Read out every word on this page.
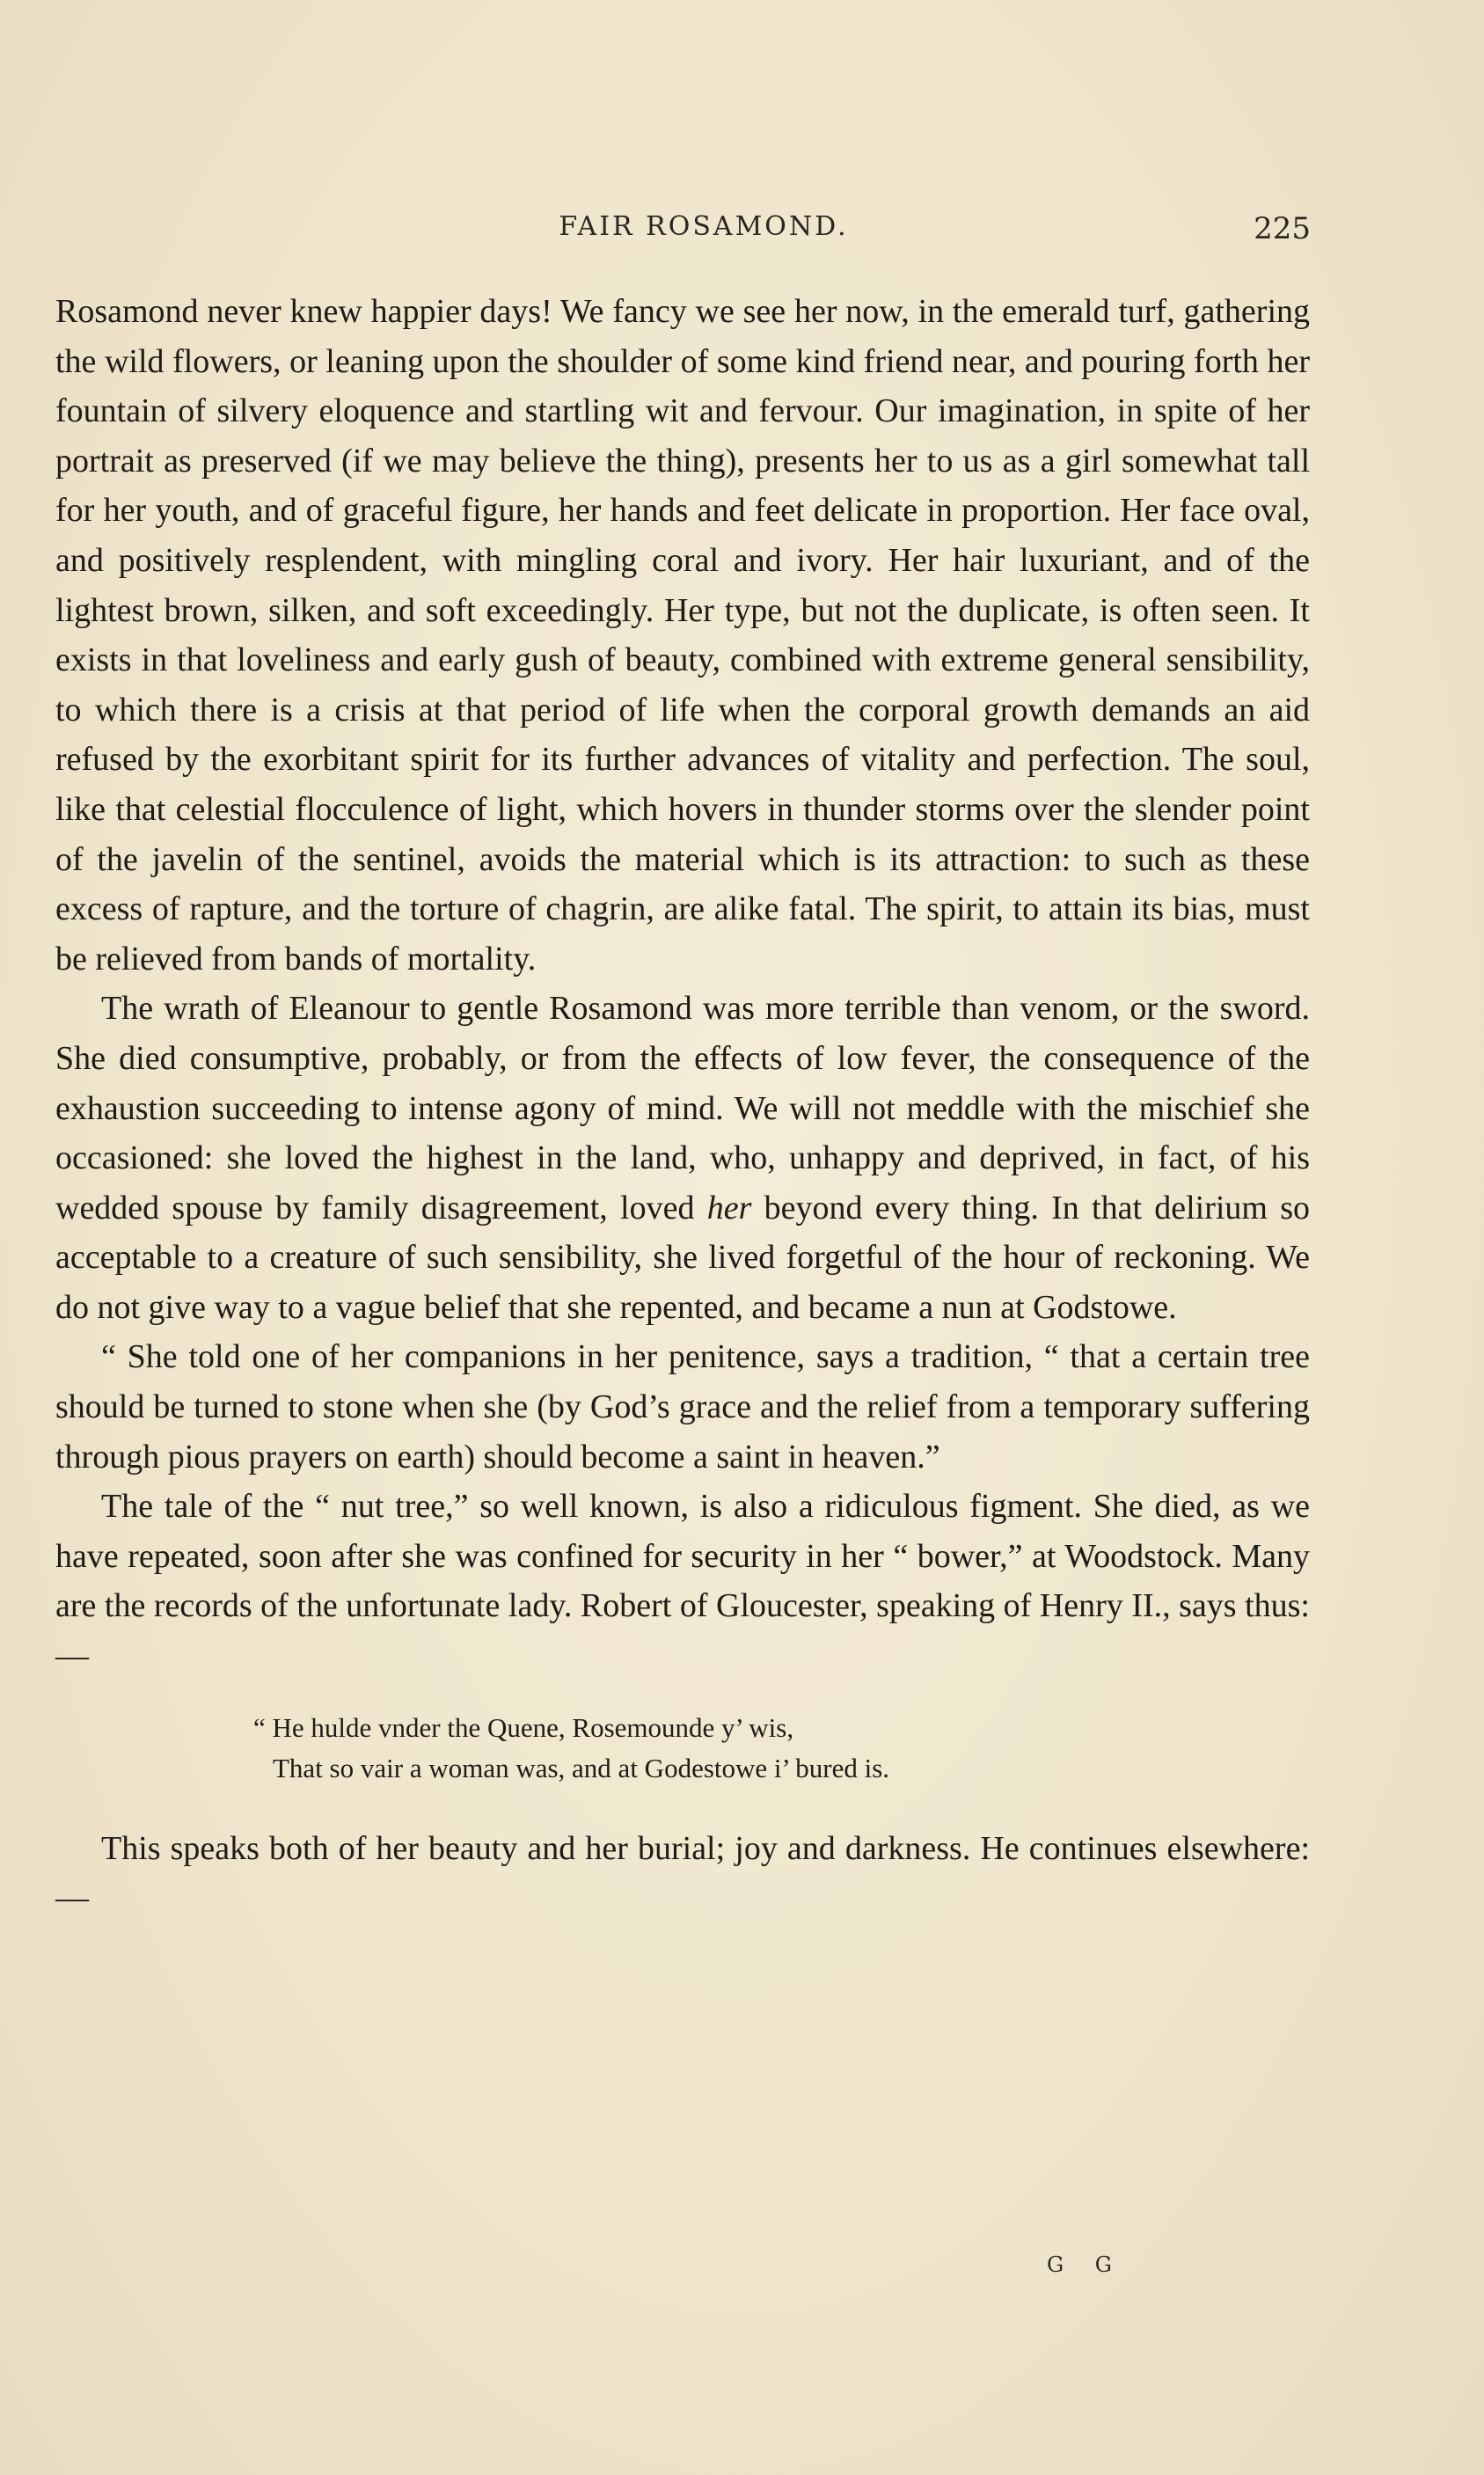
FAIR ROSAMOND.	225

Rosamond never knew happier days! We fancy we see her now, in the emerald turf, gathering the wild flowers, or leaning upon the shoulder of some kind friend near, and pouring forth her fountain of silvery eloquence and startling wit and fervour. Our imagination, in spite of her portrait as preserved (if we may believe the thing), presents her to us as a girl somewhat tall for her youth, and of graceful figure, her hands and feet delicate in proportion. Her face oval, and positively resplendent, with mingling coral and ivory. Her hair luxuriant, and of the lightest brown, silken, and soft exceedingly. Her type, but not the duplicate, is often seen. It exists in that loveliness and early gush of beauty, combined with extreme general sensibility, to which there is a crisis at that period of life when the corporal growth demands an aid refused by the exorbitant spirit for its further advances of vitality and perfection. The soul, like that celestial flocculence of light, which hovers in thunder storms over the slender point of the javelin of the sentinel, avoids the material which is its attraction: to such as these excess of rapture, and the torture of chagrin, are alike fatal. The spirit, to attain its bias, must be relieved from bands of mortality.

The wrath of Eleanour to gentle Rosamond was more terrible than venom, or the sword. She died consumptive, probably, or from the effects of low fever, the consequence of the exhaustion succeeding to intense agony of mind. We will not meddle with the mischief she occasioned: she loved the highest in the land, who, unhappy and deprived, in fact, of his wedded spouse by family disagreement, loved her beyond every thing. In that delirium so acceptable to a creature of such sensibility, she lived forgetful of the hour of reckoning. We do not give way to a vague belief that she repented, and became a nun at Godstowe.

“ She told one of her companions in her penitence, says a tradition, “ that a certain tree should be turned to stone when she (by God’s grace and the relief from a temporary suffering through pious prayers on earth) should become a saint in heaven.”

The tale of the “ nut tree,” so well known, is also a ridiculous figment. She died, as we have repeated, soon after she was confined for security in her “ bower,” at Woodstock. Many are the records of the unfortunate lady. Robert of Gloucester, speaking of Henry II., says thus: —

“ He hulde vnder the Quene, Rosemounde y’ wis,
That so vair a woman was, and at Godestowe i’ bured is.

This speaks both of her beauty and her burial; joy and darkness. He continues elsewhere: —

G G
